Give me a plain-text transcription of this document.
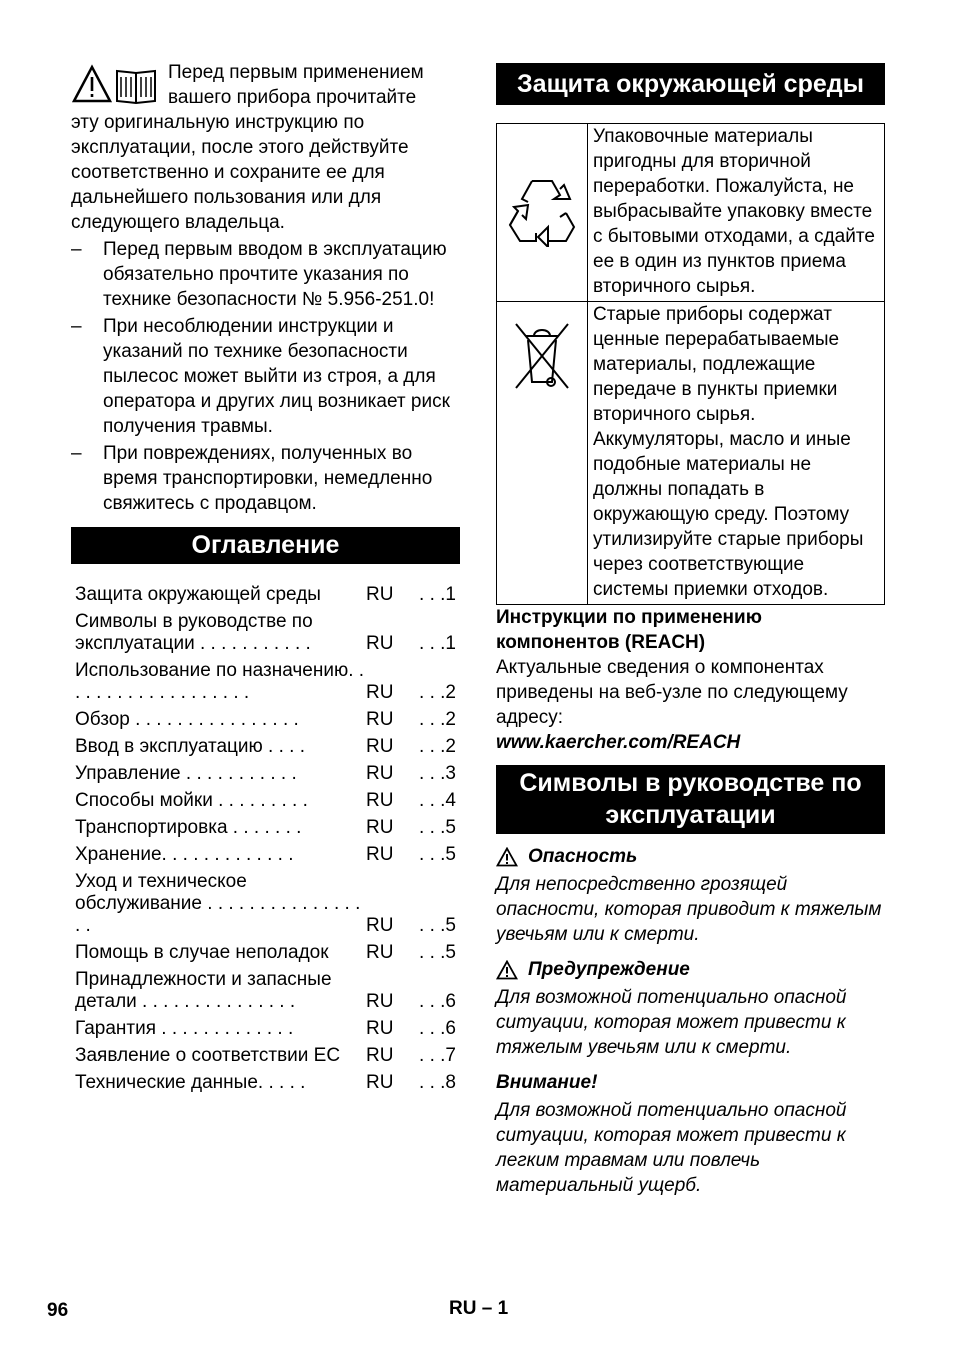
Перед первым применением

вашего прибора прочитайте

эту оригинальную инструкцию по эксплуатации, после этого действуйте соответственно и сохраните ее для дальнейшего пользования или для следующего владельца.

– Перед первым вводом в эксплуатацию обязательно прочтите указания по технике безопасности № 5.956-251.0!
– При несоблюдении инструкции и указаний по технике безопасности пылесос может выйти из строя, а для оператора и других лиц возникает риск получения травмы.
– При повреждениях, полученных во время транспортировки, немедленно свяжитесь с продавцом.
Оглавление
Защита окружающей среды	RU	. . .1
Символы в руководстве по эксплуатации . . . . . . . . . . .	RU	. . .1
Использование по назначению. . . . . . . . . . . . . . . . . . .	RU	. . .2
Обзор . . . . . . . . . . . . . . . .	RU	. . .2
Ввод в эксплуатацию . . . .	RU	. . .2
Управление . . . . . . . . . . .	RU	. . .3
Способы мойки . . . . . . . . .	RU	. . .4
Транспортировка . . . . . . .	RU	. . .5
Хранение. . . . . . . . . . . . .	RU	. . .5
Уход и техническое обслуживание . . . . . . . . . . . . . . . . .	RU	. . .5
Помощь в случае неполадок	RU	. . .5
Принадлежности и запасные детали . . . . . . . . . . . . . . .	RU	. . .6
Гарантия . . . . . . . . . . . . .	RU	. . .6
Заявление о соответствии ЕС	RU	. . .7
Технические данные. . . . .	RU	. . .8
Защита окружающей среды
	Упаковочные материалы пригодны для вторичной переработки. Пожалуйста, не выбрасывайте упаковку вместе с бытовыми отходами, а сдайте ее в один из пунктов приема вторичного сырья.

Старые приборы содержат ценные перерабатываемые материалы, подлежащие передаче в пункты приемки вторичного сырья.
Аккумуляторы, масло и иные подобные материалы не должны попадать в окружающую среду. Поэтому утилизируйте старые приборы через соответствующие системы приемки отходов.

Инструкции по применению компонентов (REACH)

Актуальные сведения о компонентах приведены на веб-узле по следующему адресу:

www.kaercher.com/REACH

Символы в руководстве по эксплуатации
Опасность

Для непосредственно грозящей опасности, которая приводит к тяжелым увечьям или к смерти.

Предупреждение

Для возможной потенциально опасной ситуации, которая может привести к тяжелым увечьям или к смерти.

Внимание!

Для возможной потенциально опасной ситуации, которая может привести к легким травмам или повлечь материальный ущерб.

96	RU – 1
